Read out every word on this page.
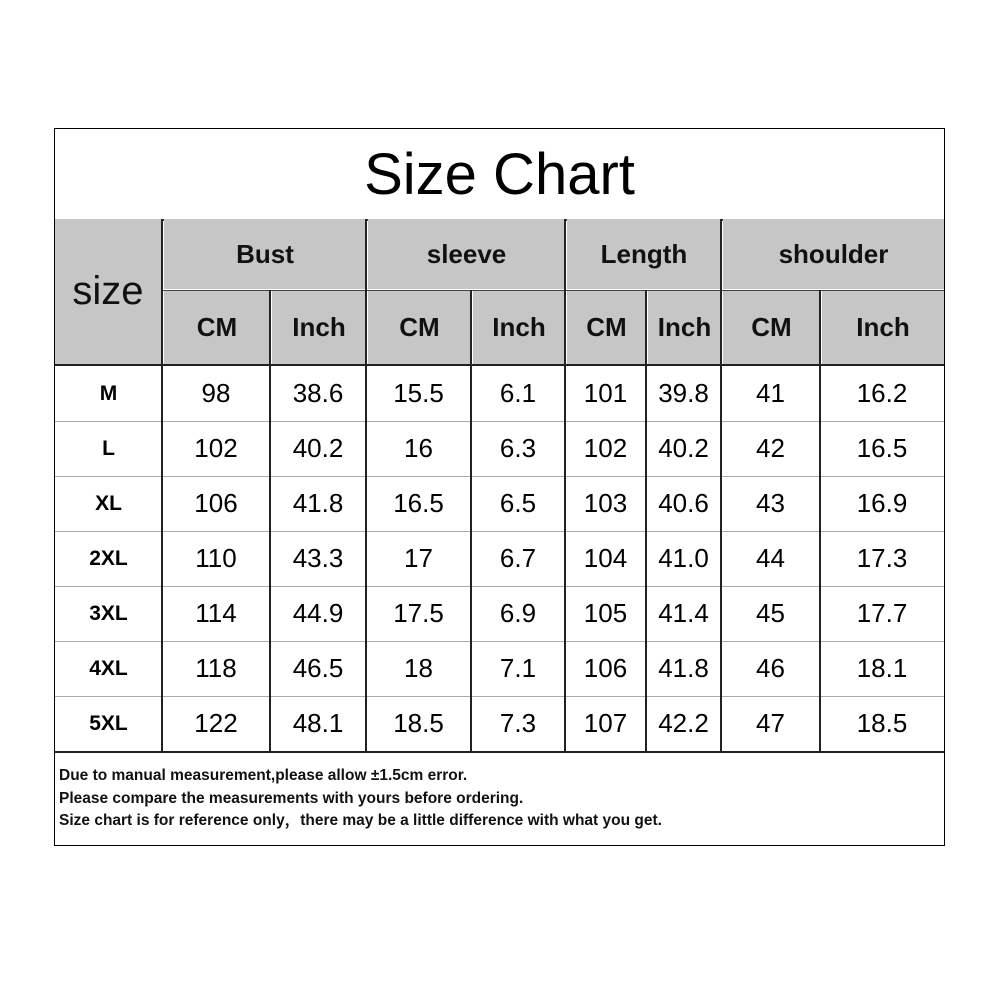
Size Chart
size
Bust
CM	Inch
sleeve
CM	Inch
Length
CM	Inch
shoulder
CM	Inch
M	98	38.6	15.5	6.1	101	39.8	41	16.2
L	102	40.2	16	6.3	102	40.2	42	16.5
XL	106	41.8	16.5	6.5	103	40.6	43	16.9
2XL	110	43.3	17	6.7	104	41.0	44	17.3
3XL	114	44.9	17.5	6.9	105	41.4	45	17.7
4XL	118	46.5	18	7.1	106	41.8	46	18.1
5XL	122	48.1	18.5	7.3	107	42.2	47	18.5
Due to manual measurement,please allow ±1.5cm error.
Please compare the measurements with yours before ordering.
Size chart is for reference only，there may be a little difference with what you get.
